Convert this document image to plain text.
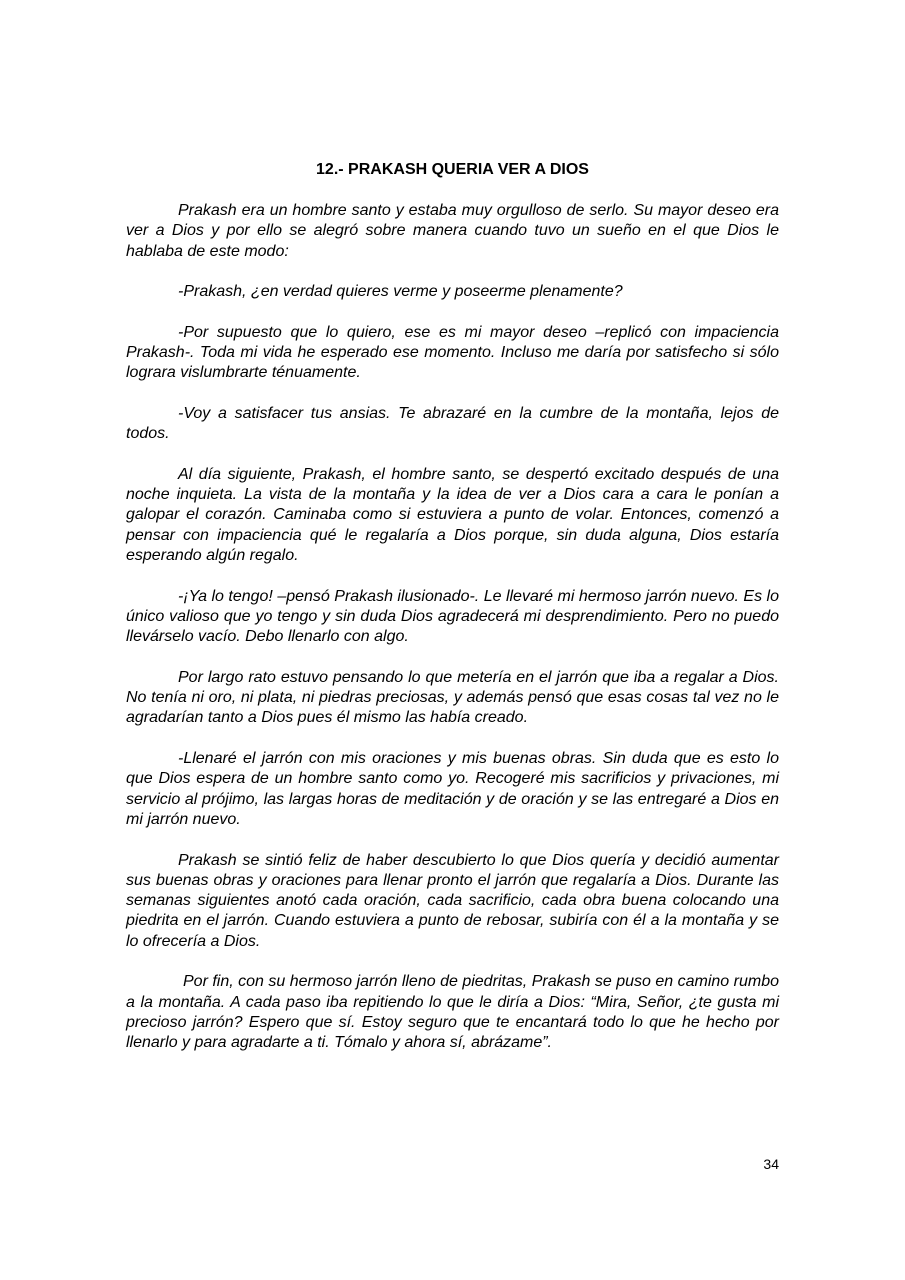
12.- PRAKASH QUERIA VER A DIOS

Prakash era un hombre santo y estaba muy orgulloso de serlo. Su mayor deseo era ver a Dios y por ello se alegró sobre manera cuando tuvo un sueño en el que Dios le hablaba de este modo:

-Prakash, ¿en verdad quieres verme y poseerme plenamente?

-Por supuesto que lo quiero, ese es mi mayor deseo –replicó con impaciencia Prakash-. Toda mi vida he esperado ese momento. Incluso me daría por satisfecho si sólo lograra vislumbrarte ténuamente.

-Voy a satisfacer tus ansias. Te abrazaré en la cumbre de la montaña, lejos de todos.

Al día siguiente, Prakash, el hombre santo, se despertó excitado después de una noche inquieta. La vista de la montaña y la idea de ver a Dios cara a cara le ponían a galopar el corazón. Caminaba como si estuviera a punto de volar. Entonces, comenzó a pensar con impaciencia qué le regalaría a Dios porque, sin duda alguna, Dios estaría esperando algún regalo.

-¡Ya lo tengo! –pensó Prakash ilusionado-. Le llevaré mi hermoso jarrón nuevo. Es lo único valioso que yo tengo y sin duda Dios agradecerá mi desprendimiento. Pero no puedo llevárselo vacío. Debo llenarlo con algo.

Por largo rato estuvo pensando lo que metería en el jarrón que iba a regalar a Dios. No tenía ni oro, ni plata, ni piedras preciosas, y además pensó que esas cosas tal vez no le agradarían tanto a Dios pues él mismo las había creado.

-Llenaré el jarrón con mis oraciones y mis buenas obras. Sin duda que es esto lo que Dios espera de un hombre santo como yo. Recogeré mis sacrificios y privaciones, mi servicio al prójimo, las largas horas de meditación y de oración y se las entregaré a Dios en mi jarrón nuevo.

Prakash se sintió feliz de haber descubierto lo que Dios quería y decidió aumentar sus buenas obras y oraciones para llenar pronto el jarrón que regalaría a Dios. Durante las semanas siguientes anotó cada oración, cada sacrificio, cada obra buena colocando una piedrita en el jarrón. Cuando estuviera a punto de rebosar, subiría con él a la montaña y se lo ofrecería a Dios.

Por fin, con su hermoso jarrón lleno de piedritas, Prakash se puso en camino rumbo a la montaña. A cada paso iba repitiendo lo que le diría a Dios: “Mira, Señor, ¿te gusta mi precioso jarrón? Espero que sí. Estoy seguro que te encantará todo lo que he hecho por llenarlo y para agradarte a ti. Tómalo y ahora sí, abrázame”.

34
